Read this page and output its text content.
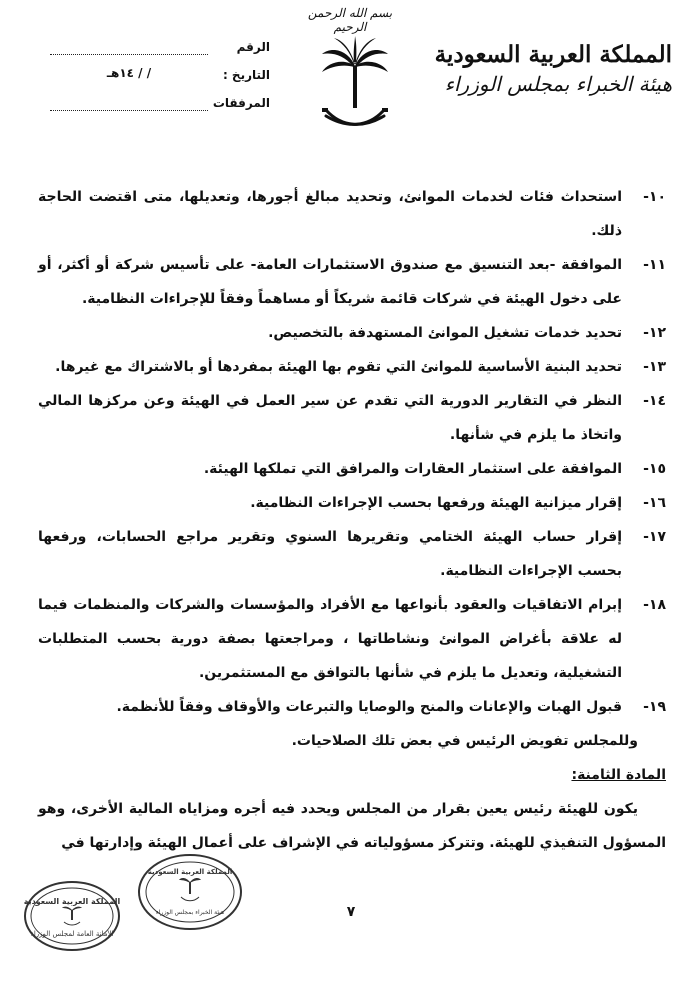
بسم الله الرحمن الرحيم
المملكة العربية السعودية
هيئة الخبراء بمجلس الوزراء
الرقم
التاريخ :
/ / ١٤هـ
المرفقات

١٠-
استحداث فئات لخدمات الموانئ، وتحديد مبالغ أجورها، وتعديلها، متى اقتضت الحاجة ذلك.

١١-
الموافقة -بعد التنسيق مع صندوق الاستثمارات العامة- على تأسيس شركة أو أكثر، أو على دخول الهيئة في شركات قائمة شريكاً أو مساهماً وفقاً للإجراءات النظامية.

١٢-
تحديد خدمات تشغيل الموانئ المستهدفة بالتخصيص.

١٣-
تحديد البنية الأساسية للموانئ التي تقوم بها الهيئة بمفردها أو بالاشتراك مع غيرها.

١٤-
النظر في التقارير الدورية التي تقدم عن سير العمل في الهيئة وعن مركزها المالي واتخاذ ما يلزم في شأنها.

١٥-
الموافقة على استثمار العقارات والمرافق التي تملكها الهيئة.

١٦-
إقرار ميزانية الهيئة ورفعها بحسب الإجراءات النظامية.

١٧-
إقرار حساب الهيئة الختامي وتقريرها السنوي وتقرير مراجع الحسابات، ورفعها بحسب الإجراءات النظامية.

١٨-
إبرام الاتفاقيات والعقود بأنواعها مع الأفراد والمؤسسات والشركات والمنظمات فيما له علاقة بأغراض الموانئ ونشاطاتها ، ومراجعتها بصفة دورية بحسب المتطلبات التشغيلية، وتعديل ما يلزم في شأنها بالتوافق مع المستثمرين.

١٩-
قبول الهبات والإعانات والمنح والوصايا والتبرعات والأوقاف وفقاً للأنظمة.

وللمجلس تفويض الرئيس في بعض تلك الصلاحيات.

المادة الثامنة:

يكون للهيئة رئيس يعين بقرار من المجلس ويحدد فيه أجره ومزاياه المالية الأخرى، وهو المسؤول التنفيذي للهيئة. وتتركز مسؤولياته في الإشراف على أعمال الهيئة وإدارتها في

٧
المملكة العربية السعودية
الأمانة العامة لمجلس الوزراء
المملكة العربية السعودية
هيئة الخبراء بمجلس الوزراء
